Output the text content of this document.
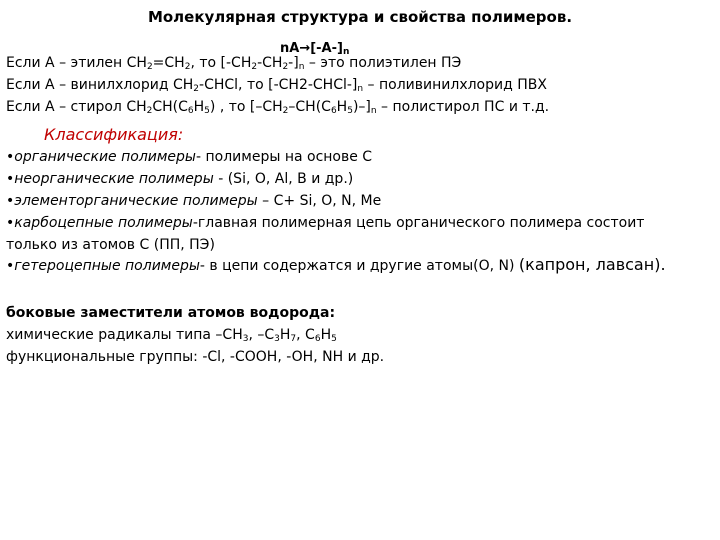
Молекулярная структура и свойства полимеров.
$nA\to[-A-]_n$
Если А – этилен $CH_2=CH_2$, то $[-CH_2-CH_2-]_n$ – это полиэтилен ПЭ
Если А – винилхлорид $CH_2$-CHCl, то $[-CH2-CHCl-]_n$ – поливинилхлорид ПВХ
Если А – стирол $CH_2CH(C_6H_5)$ , то $[-CH_2-CH(C_6H_5)-]_n$ – полистирол ПС и т.д.
Классификация:
•органические полимеры- полимеры на основе С
•неорганические полимеры - (Si, O, Al, B и др.)
•элементорганические полимеры – С+ Si, O, N, Me
•карбоцепные полимеры-главная полимерная цепь органического полимера состоит
только из атомов С (ПП, ПЭ)
•гетероцепные полимеры- в цепи содержатся и другие атомы(O, N) (капрон, лавсан).
боковые заместители атомов водорода:
химические радикалы типа $-CH_3$, $-C_3H_7$, $C_6H_5$
функциональные группы: -Cl, -COOH, -OH, NH и др.
